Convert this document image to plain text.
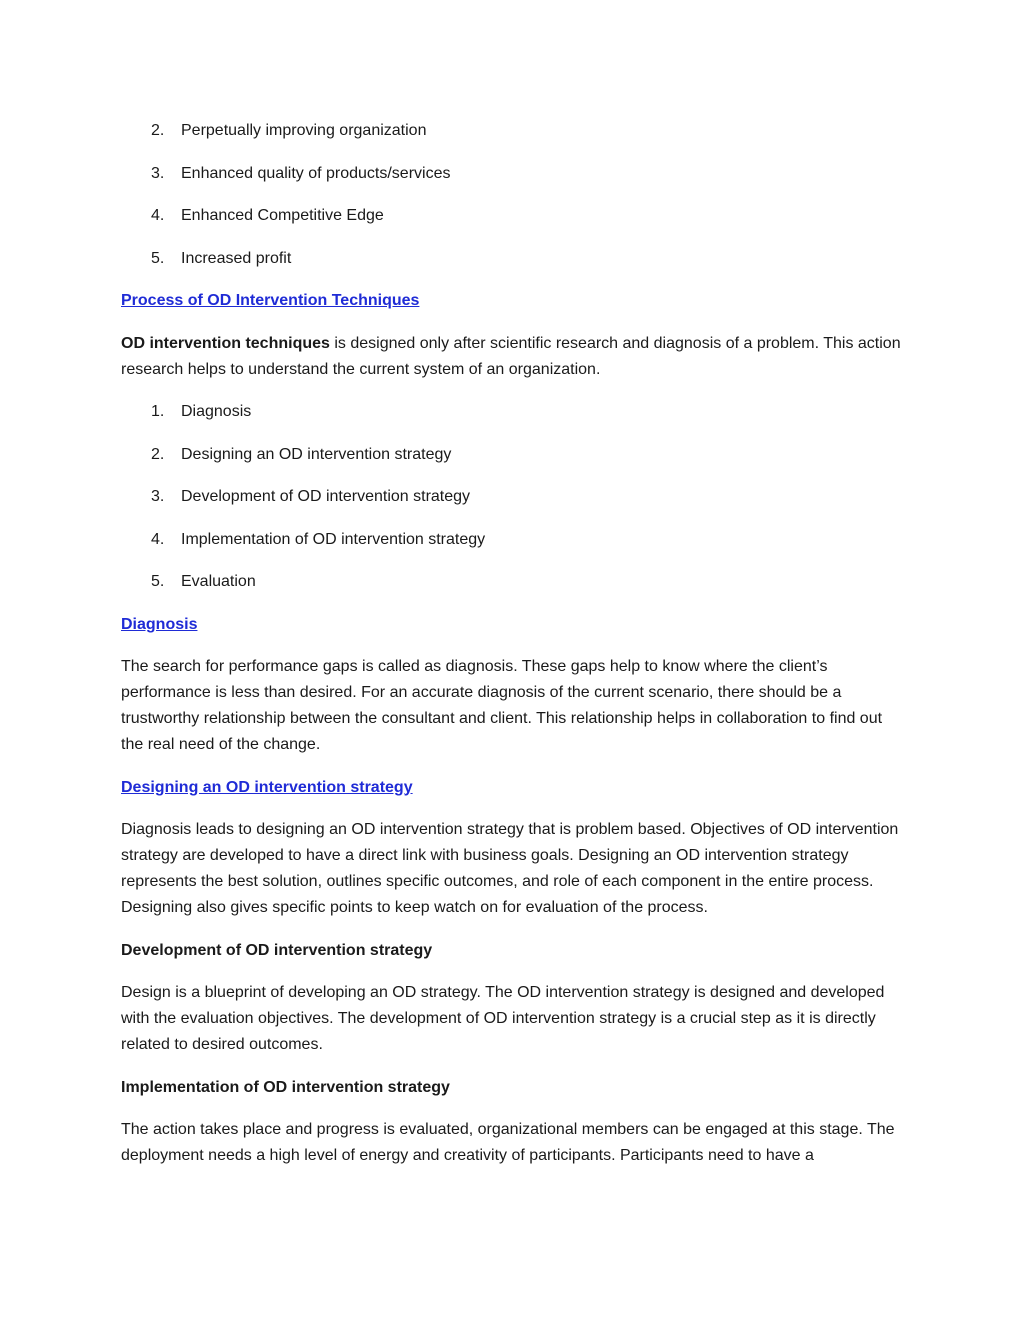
2.	Perpetually improving organization
3.	Enhanced quality of products/services
4.	Enhanced Competitive Edge
5.	Increased profit
Process of OD Intervention Techniques

OD intervention techniques is designed only after scientific research and diagnosis of a problem. This action research helps to understand the current system of an organization.

1.	Diagnosis
2.	Designing an OD intervention strategy
3.	Development of OD intervention strategy
4.	Implementation of OD intervention strategy
5.	Evaluation
Diagnosis

The search for performance gaps is called as diagnosis. These gaps help to know where the client’s performance is less than desired. For an accurate diagnosis of the current scenario, there should be a trustworthy relationship between the consultant and client. This relationship helps in collaboration to find out the real need of the change.

Designing an OD intervention strategy

Diagnosis leads to designing an OD intervention strategy that is problem based. Objectives of OD intervention strategy are developed to have a direct link with business goals. Designing an OD intervention strategy represents the best solution, outlines specific outcomes, and role of each component in the entire process. Designing also gives specific points to keep watch on for evaluation of the process.

Development of OD intervention strategy

Design is a blueprint of developing an OD strategy. The OD intervention strategy is designed and developed with the evaluation objectives. The development of OD intervention strategy is a crucial step as it is directly related to desired outcomes.

Implementation of OD intervention strategy

The action takes place and progress is evaluated, organizational members can be engaged at this stage. The deployment needs a high level of energy and creativity of participants. Participants need to have a
